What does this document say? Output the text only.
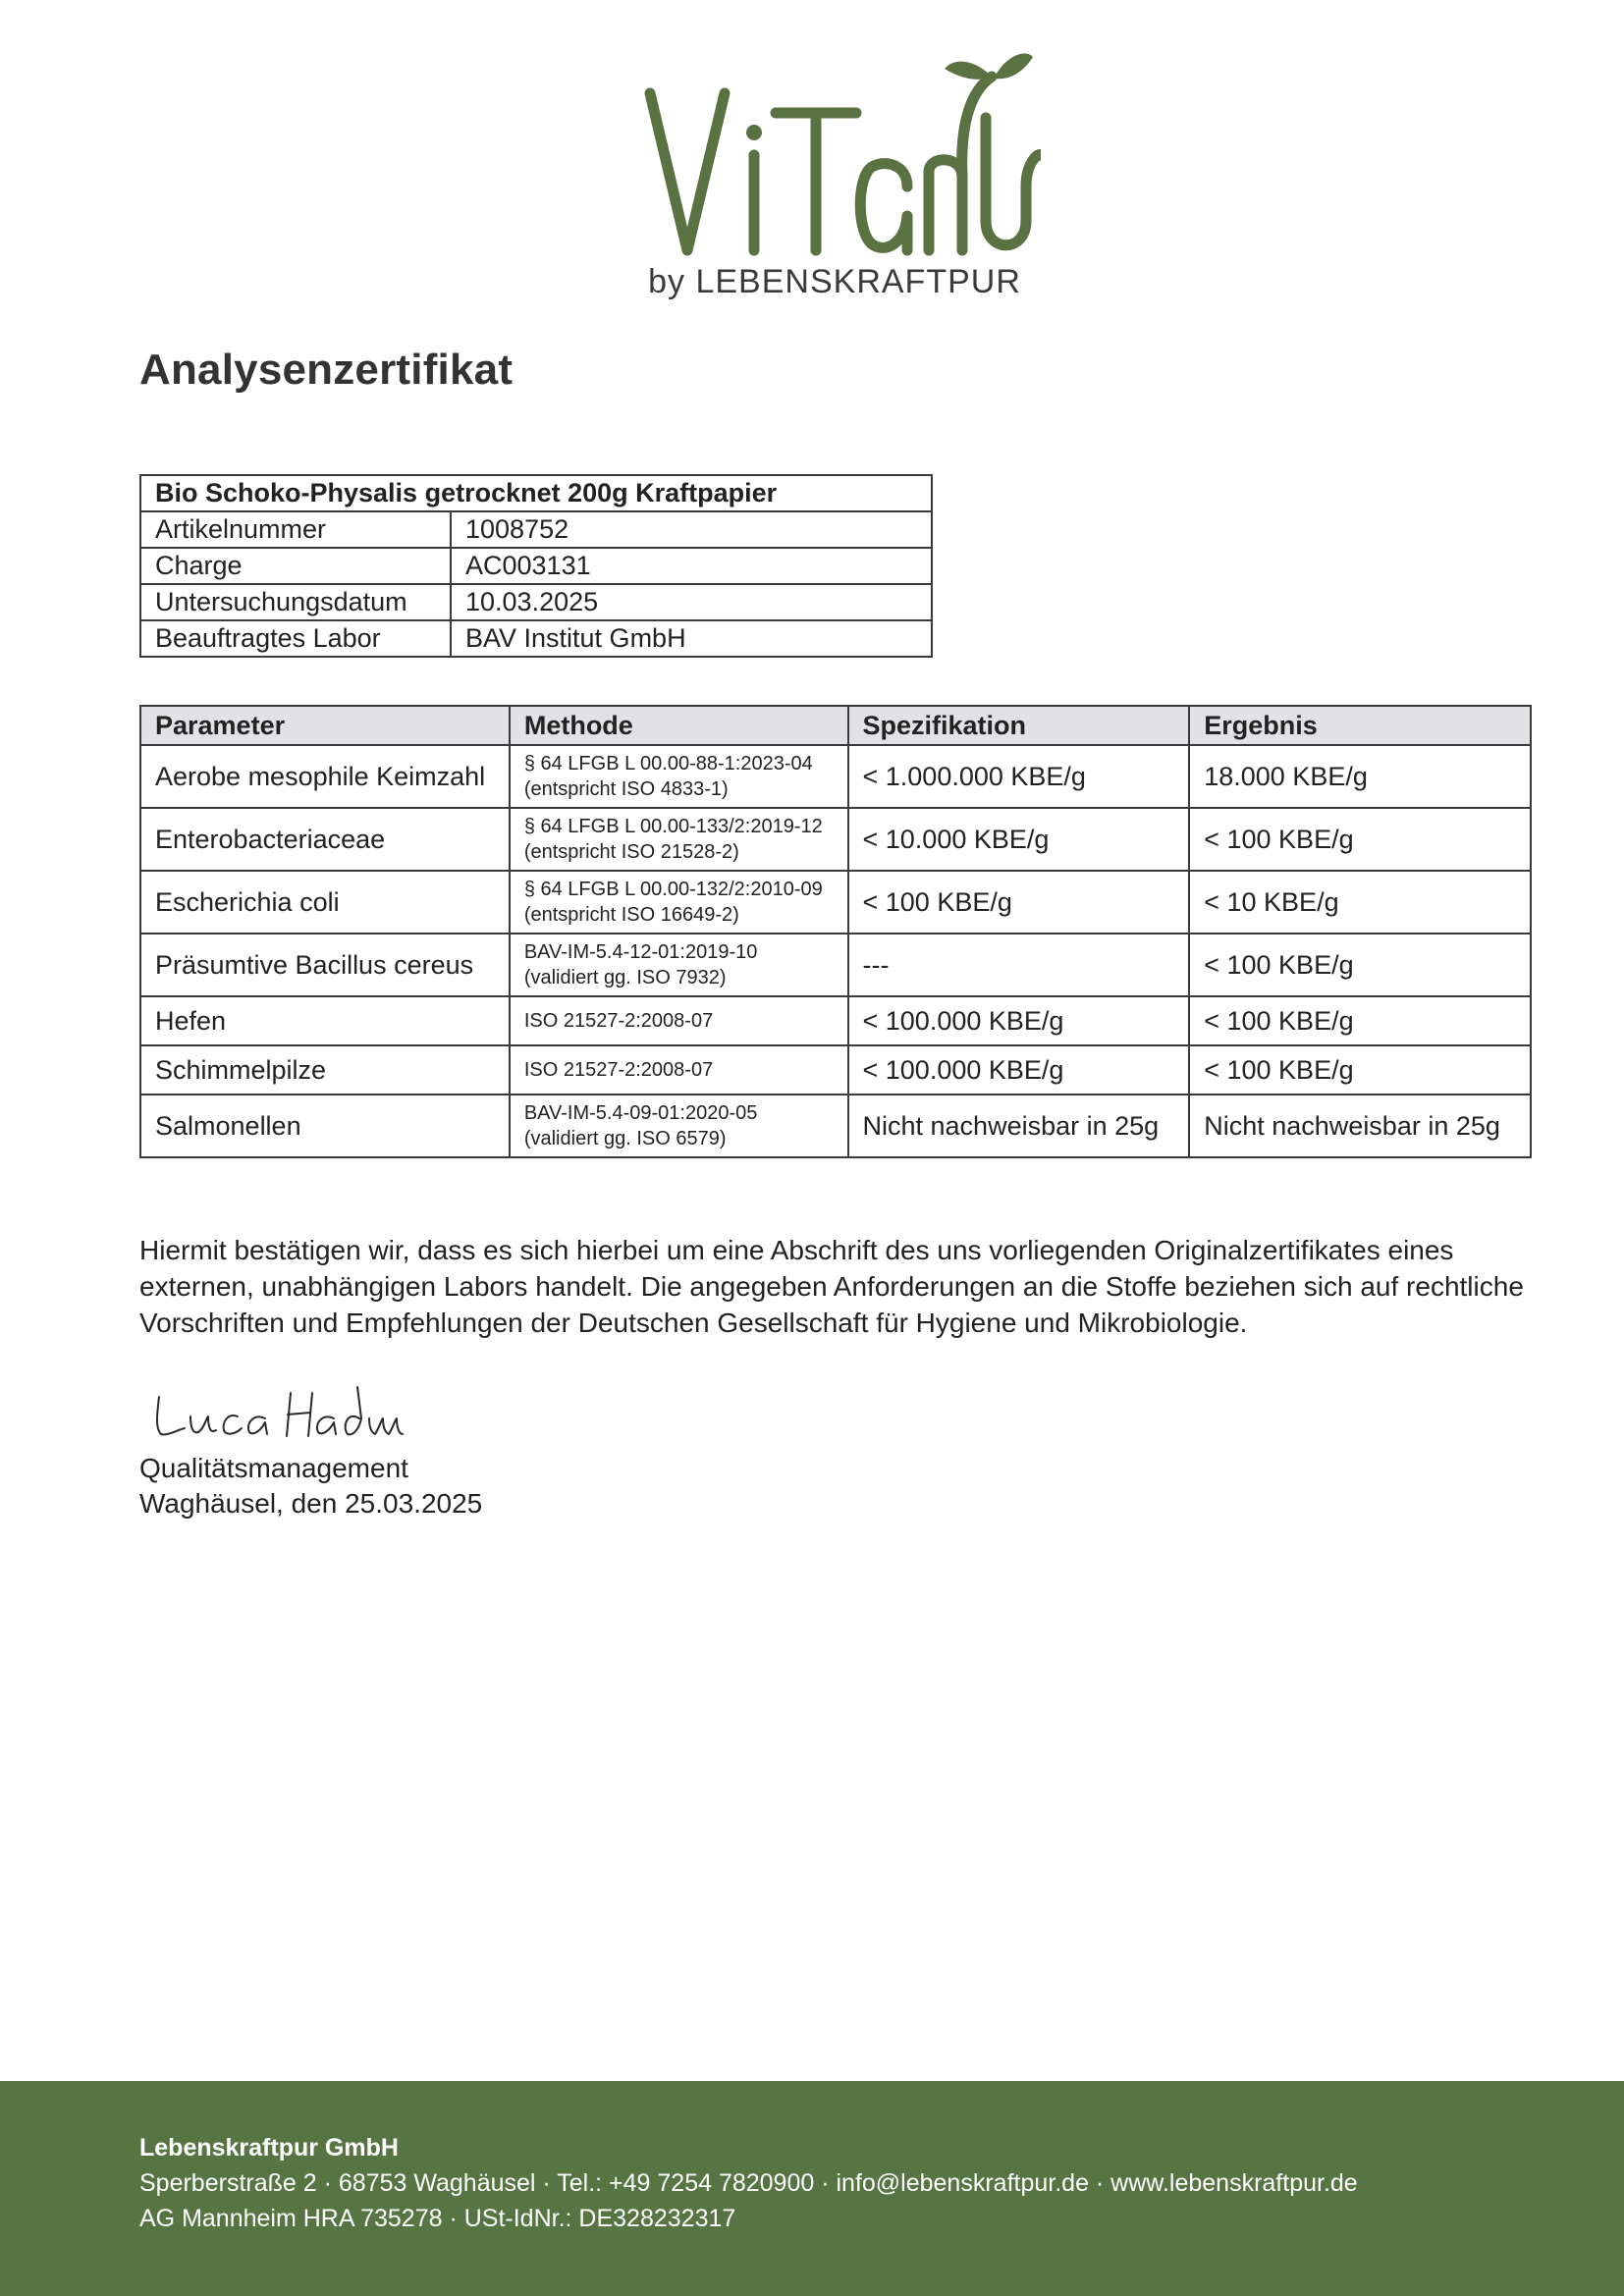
by LEBENSKRAFTPUR
Analysenzertifikat
Bio Schoko-Physalis getrocknet 200g Kraftpapier	
Artikelnummer	1008752
Charge	AC003131
Untersuchungsdatum	10.03.2025
Beauftragtes Labor	BAV Institut GmbH
Parameter	Methode	Spezifikation	Ergebnis
Aerobe mesophile Keimzahl	§ 64 LFGB L 00.00-88-1:2023-04 (entspricht ISO 4833-1)	< 1.000.000 KBE/g	18.000 KBE/g
Enterobacteriaceae	§ 64 LFGB L 00.00-133/2:2019-12 (entspricht ISO 21528-2)	< 10.000 KBE/g	< 100 KBE/g
Escherichia coli	§ 64 LFGB L 00.00-132/2:2010-09 (entspricht ISO 16649-2)	< 100 KBE/g	< 10 KBE/g
Präsumtive Bacillus cereus	BAV-IM-5.4-12-01:2019-10 (validiert gg. ISO 7932)	---	< 100 KBE/g
Hefen	ISO 21527-2:2008-07	< 100.000 KBE/g	< 100 KBE/g
Schimmelpilze	ISO 21527-2:2008-07	< 100.000 KBE/g	< 100 KBE/g
Salmonellen	BAV-IM-5.4-09-01:2020-05 (validiert gg. ISO 6579)	Nicht nachweisbar in 25g	Nicht nachweisbar in 25g

Hiermit bestätigen wir, dass es sich hierbei um eine Abschrift des uns vorliegenden Originalzertifikates eines externen, unabhängigen Labors handelt. Die angegeben Anforderungen an die Stoffe beziehen sich auf rechtliche Vorschriften und Empfehlungen der Deutschen Gesellschaft für Hygiene und Mikrobiologie.

Qualitätsmanagement
Waghäusel, den 25.03.2025
Lebenskraftpur GmbH
Sperberstraße 2 · 68753 Waghäusel · Tel.: +49 7254 7820900 · info@lebenskraftpur.de · www.lebenskraftpur.de
AG Mannheim HRA 735278 · USt-IdNr.: DE328232317
